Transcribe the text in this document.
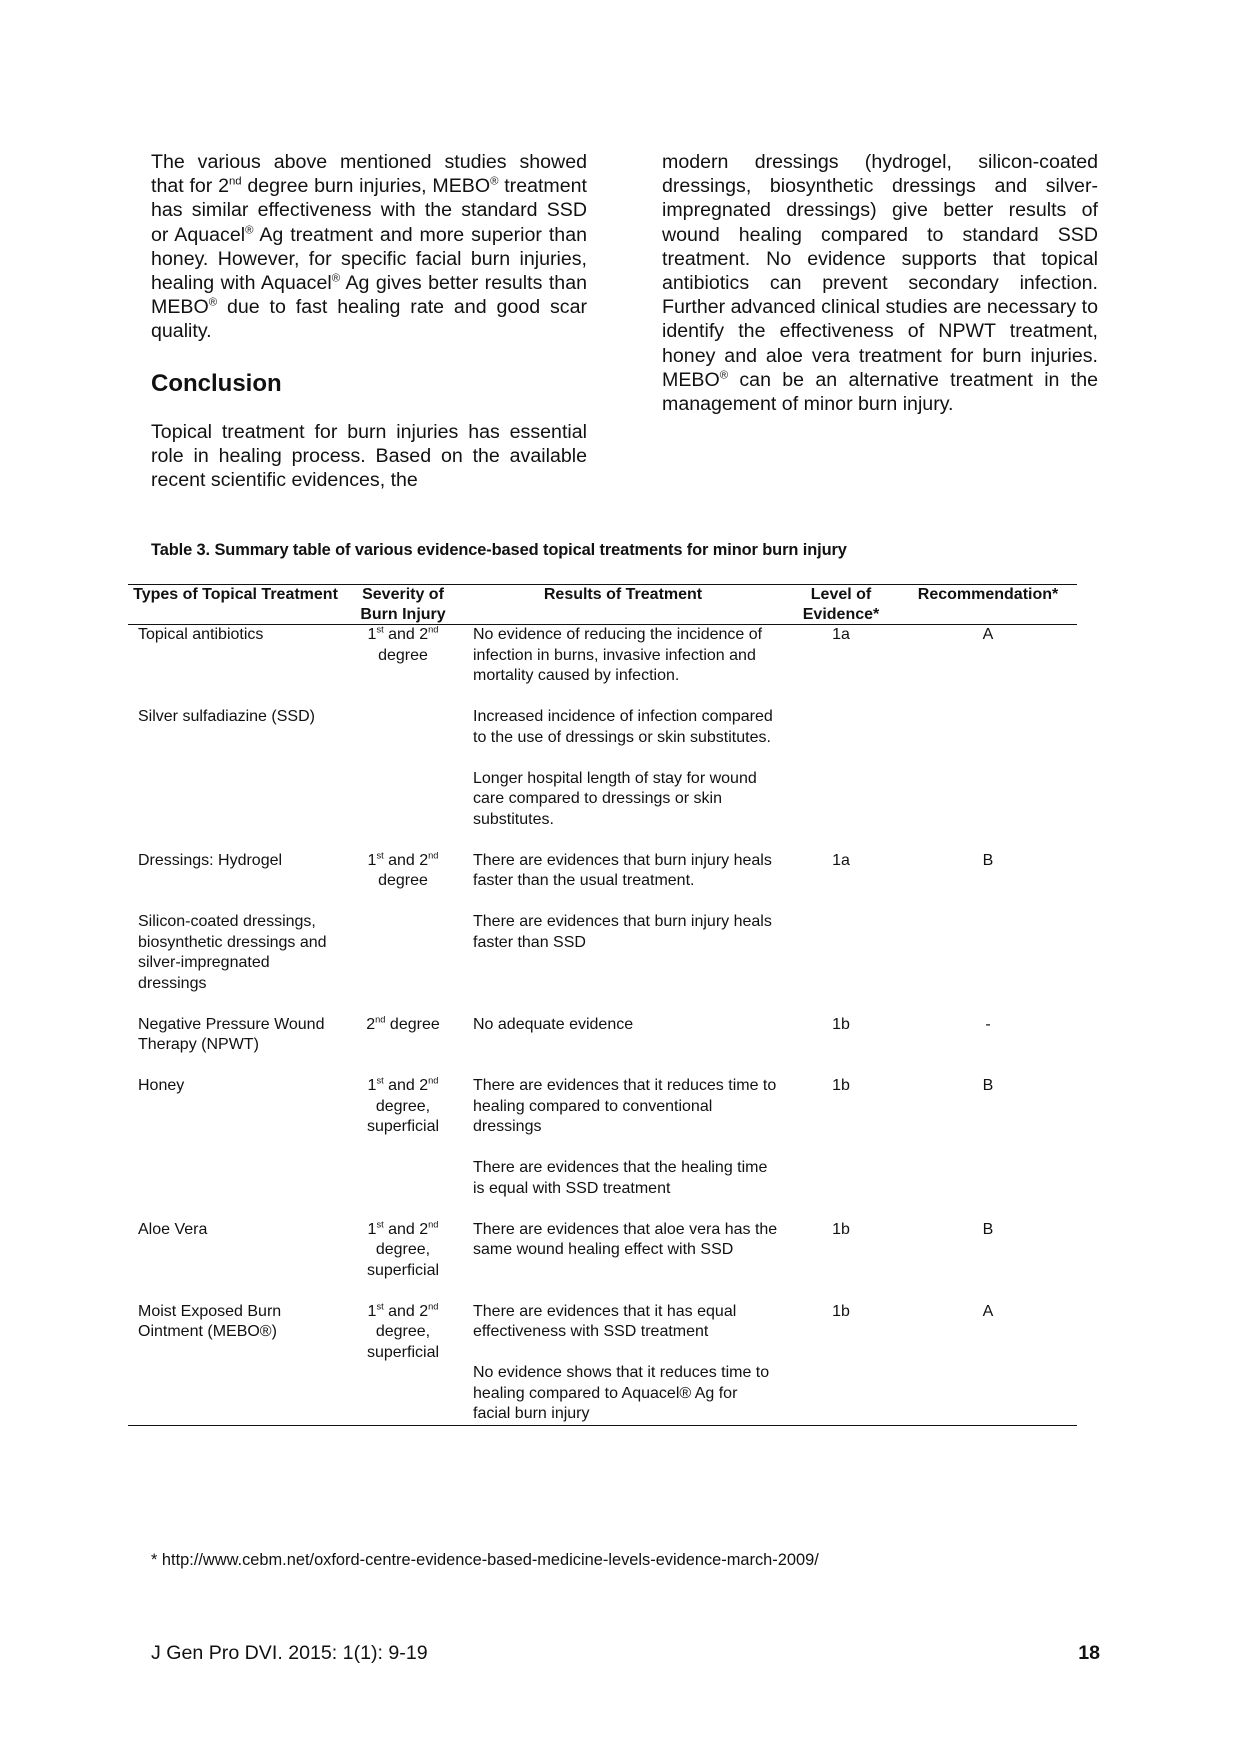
The various above mentioned studies showed that for 2nd degree burn injuries, MEBO® treatment has similar effectiveness with the standard SSD or Aquacel® Ag treatment and more superior than honey. However, for specific facial burn injuries, healing with Aquacel® Ag gives better results than MEBO® due to fast healing rate and good scar quality.

Conclusion

Topical treatment for burn injuries has essential role in healing process. Based on the available recent scientific evidences, the

modern dressings (hydrogel, silicon-coated dressings, biosynthetic dressings and silver-impregnated dressings) give better results of wound healing compared to standard SSD treatment. No evidence supports that topical antibiotics can prevent secondary infection. Further advanced clinical studies are necessary to identify the effectiveness of NPWT treatment, honey and aloe vera treatment for burn injuries. MEBO® can be an alternative treatment in the management of minor burn injury.

Table 3. Summary table of various evidence-based topical treatments for minor burn injury
Types of Topical Treatment	Severity of Burn Injury	Results of Treatment	Level of Evidence*	Recommendation*
Topical antibiotics	1st and 2nd degree	No evidence of reducing the incidence of infection in burns, invasive infection and mortality caused by infection.	1a	A

Silver sulfadiazine (SSD)		Increased incidence of infection compared to the use of dressings or skin substitutes.
Longer hospital length of stay for wound care compared to dressings or skin substitutes.		

Dressings: Hydrogel	1st and 2nd degree	There are evidences that burn injury heals faster than the usual treatment.	1a	B

Silicon-coated dressings, biosynthetic dressings and silver-impregnated dressings		There are evidences that burn injury heals faster than SSD		

Negative Pressure Wound Therapy (NPWT)	2nd degree	No adequate evidence	1b	-

Honey	1st and 2nd degree, superficial	There are evidences that it reduces time to healing compared to conventional dressings
There are evidences that the healing time is equal with SSD treatment	1b	B

Aloe Vera	1st and 2nd degree, superficial	There are evidences that aloe vera has the same wound healing effect with SSD	1b	B

Moist Exposed Burn Ointment (MEBO®)	1st and 2nd degree, superficial	There are evidences that it has equal effectiveness with SSD treatment
No evidence shows that it reduces time to healing compared to Aquacel® Ag for facial burn injury	1b	A
* http://www.cebm.net/oxford-centre-evidence-based-medicine-levels-evidence-march-2009/
J Gen Pro DVI. 2015: 1(1): 9-19	18
